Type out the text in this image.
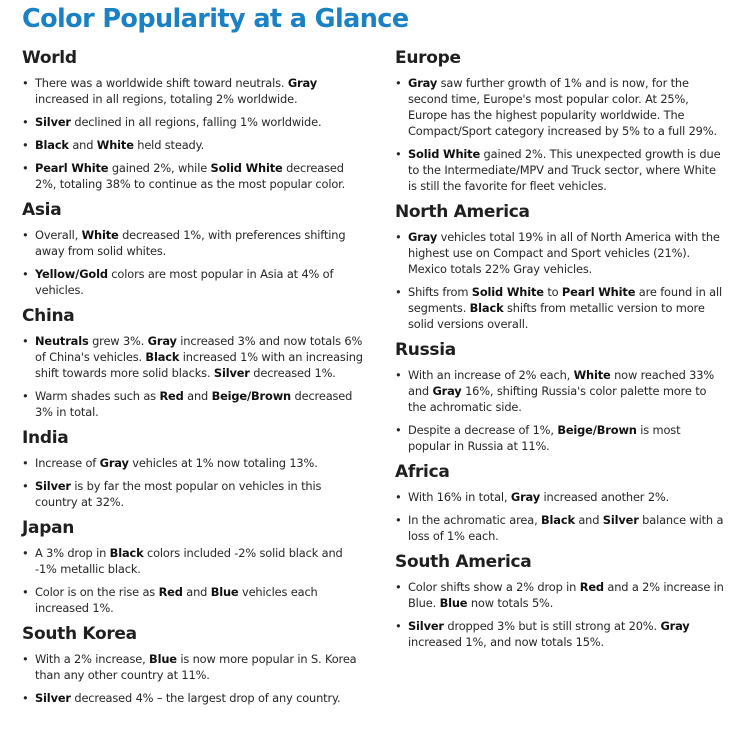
Color Popularity at a Glance
World
• There was a worldwide shift toward neutrals. Gray increased in all regions, totaling 2% worldwide.
• Silver declined in all regions, falling 1% worldwide.
• Black and White held steady.
• Pearl White gained 2%, while Solid White decreased 2%, totaling 38% to continue as the most popular color.
Asia
• Overall, White decreased 1%, with preferences shifting away from solid whites.
• Yellow/Gold colors are most popular in Asia at 4% of vehicles.
China
• Neutrals grew 3%. Gray increased 3% and now totals 6% of China's vehicles. Black increased 1% with an increasing shift towards more solid blacks. Silver decreased 1%.
• Warm shades such as Red and Beige/Brown decreased 3% in total.
India
• Increase of Gray vehicles at 1% now totaling 13%.
• Silver is by far the most popular on vehicles in this country at 32%.
Japan
• A 3% drop in Black colors included -2% solid black and -1% metallic black.
• Color is on the rise as Red and Blue vehicles each increased 1%.
South Korea
• With a 2% increase, Blue is now more popular in S. Korea than any other country at 11%.
• Silver decreased 4% – the largest drop of any country.
Europe
• Gray saw further growth of 1% and is now, for the second time, Europe's most popular color. At 25%, Europe has the highest popularity worldwide. The Compact/Sport category increased by 5% to a full 29%.
• Solid White gained 2%. This unexpected growth is due to the Intermediate/MPV and Truck sector, where White is still the favorite for fleet vehicles.
North America
• Gray vehicles total 19% in all of North America with the highest use on Compact and Sport vehicles (21%). Mexico totals 22% Gray vehicles.
• Shifts from Solid White to Pearl White are found in all segments. Black shifts from metallic version to more solid versions overall.
Russia
• With an increase of 2% each, White now reached 33% and Gray 16%, shifting Russia's color palette more to the achromatic side.
• Despite a decrease of 1%, Beige/Brown is most popular in Russia at 11%.
Africa
• With 16% in total, Gray increased another 2%.
• In the achromatic area, Black and Silver balance with a loss of 1% each.
South America
• Color shifts show a 2% drop in Red and a 2% increase in Blue. Blue now totals 5%.
• Silver dropped 3% but is still strong at 20%. Gray increased 1%, and now totals 15%.
